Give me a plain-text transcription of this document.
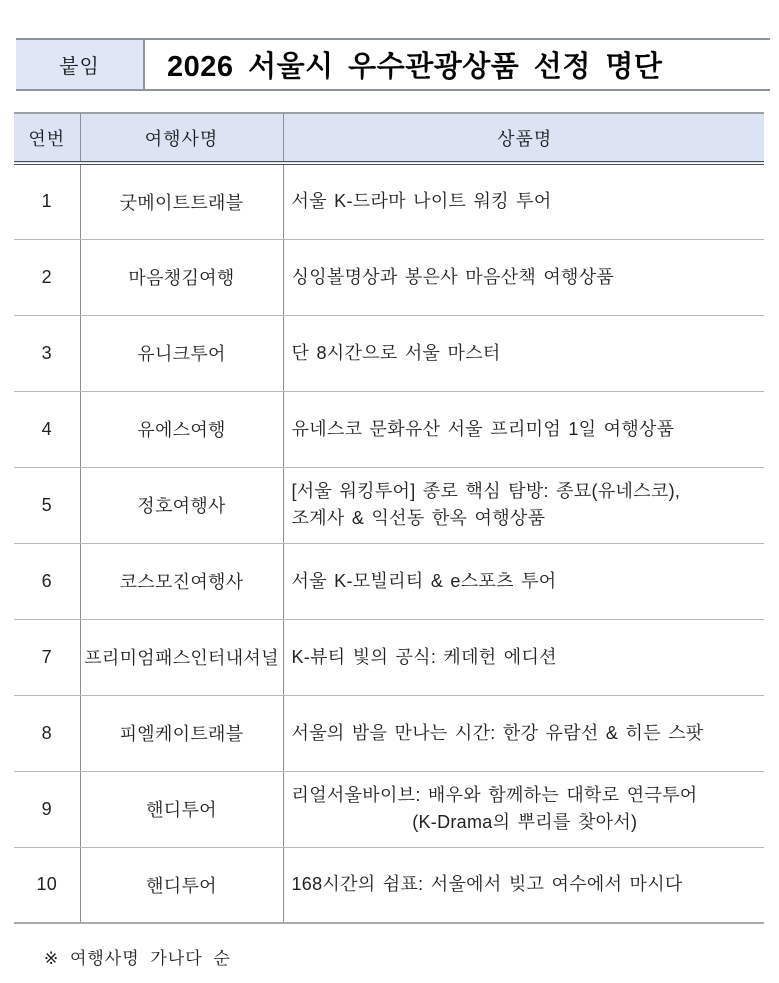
붙임	2026 서울시 우수관광상품 선정 명단
연번	여행사명	상품명
1	굿메이트트래블	서울 K-드라마 나이트 워킹 투어

2	마음챙김여행	싱잉볼명상과 봉은사 마음산책 여행상품

3	유니크투어	단 8시간으로 서울 마스터

4	유에스여행	유네스코 문화유산 서울 프리미엄 1일 여행상품

5	정호여행사	[서울 워킹투어] 종로 핵심 탐방: 종묘(유네스코),
조계사 & 익선동 한옥 여행상품

6	코스모진여행사	서울 K-모빌리티 & e스포츠 투어

7	프리미엄패스인터내셔널	K-뷰티 빛의 공식: 케데헌 에디션

8	피엘케이트래블	서울의 밤을 만나는 시간: 한강 유람선 & 히든 스팟

9	핸디투어	리얼서울바이브: 배우와 함께하는 대학로 연극투어
(K-Drama의 뿌리를 찾아서)

10	핸디투어	168시간의 쉼표: 서울에서 빚고 여수에서 마시다
※ 여행사명 가나다 순
